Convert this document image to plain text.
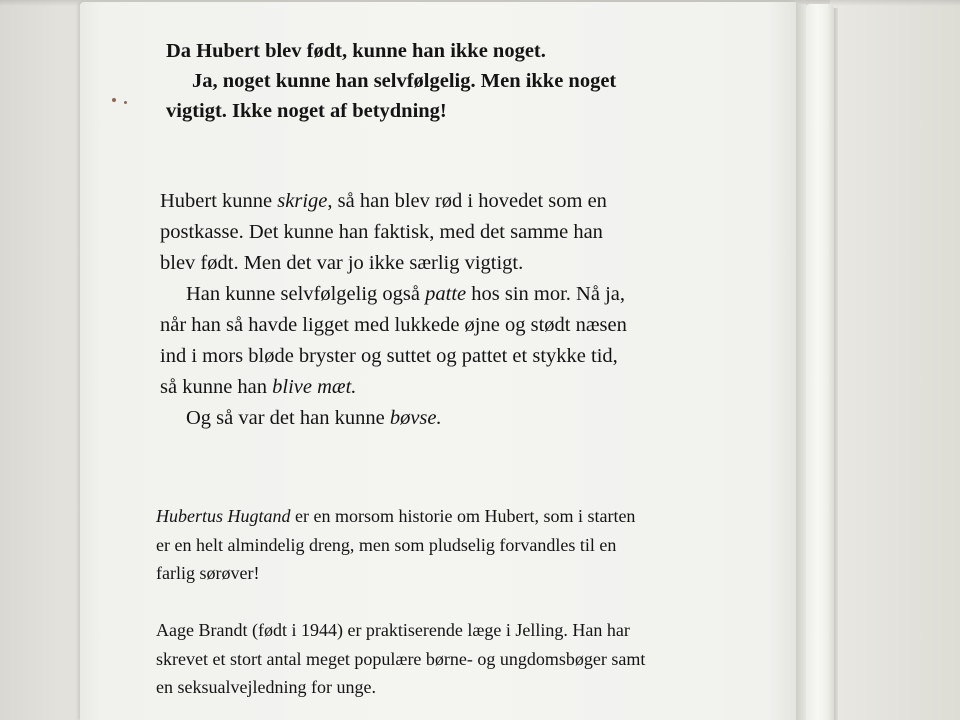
Da Hubert blev født, kunne han ikke noget.
Ja, noget kunne han selvfølgelig. Men ikke noget
vigtigt. Ikke noget af betydning!
Hubert kunne skrige, så han blev rød i hovedet som en
postkasse. Det kunne han faktisk, med det samme han
blev født. Men det var jo ikke særlig vigtigt.
Han kunne selvfølgelig også patte hos sin mor. Nå ja,
når han så havde ligget med lukkede øjne og stødt næsen
ind i mors bløde bryster og suttet og pattet et stykke tid,
så kunne han blive mæt.
Og så var det han kunne bøvse.
Hubertus Hugtand er en morsom historie om Hubert, som i starten
er en helt almindelig dreng, men som pludselig forvandles til en
farlig sørøver!
Aage Brandt (født i 1944) er praktiserende læge i Jelling. Han har
skrevet et stort antal meget populære børne- og ungdomsbøger samt
en seksualvejledning for unge.
